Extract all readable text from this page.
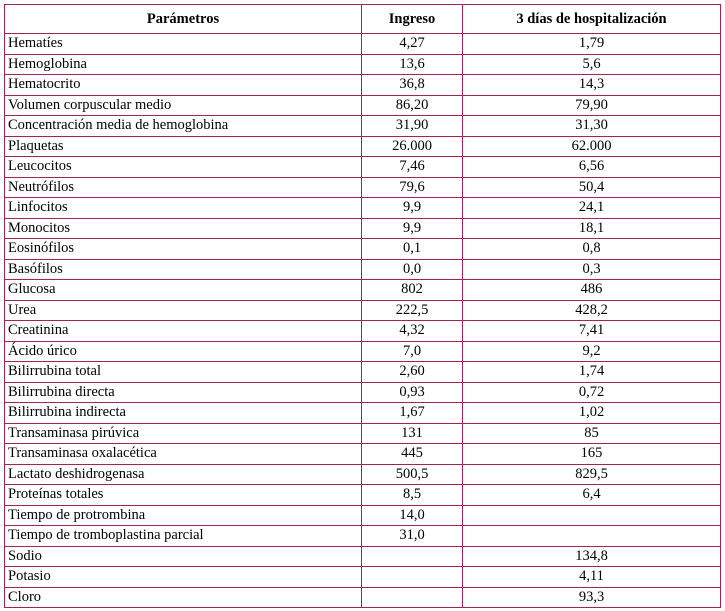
Parámetros	Ingreso	3 días de hospitalización
Hematíes	4,27	1,79
Hemoglobina	13,6	5,6
Hematocrito	36,8	14,3
Volumen corpuscular medio	86,20	79,90
Concentración media de hemoglobina	31,90	31,30
Plaquetas	26.000	62.000
Leucocitos	7,46	6,56
Neutrófilos	79,6	50,4
Linfocitos	9,9	24,1
Monocitos	9,9	18,1
Eosinófilos	0,1	0,8
Basófilos	0,0	0,3
Glucosa	802	486
Urea	222,5	428,2
Creatinina	4,32	7,41
Ácido úrico	7,0	9,2
Bilirrubina total	2,60	1,74
Bilirrubina directa	0,93	0,72
Bilirrubina indirecta	1,67	1,02
Transaminasa pirúvica	131	85
Transaminasa oxalacética	445	165
Lactato deshidrogenasa	500,5	829,5
Proteínas totales	8,5	6,4
Tiempo de protrombina	14,0	
Tiempo de tromboplastina parcial	31,0	
Sodio		134,8
Potasio		4,11
Cloro		93,3
